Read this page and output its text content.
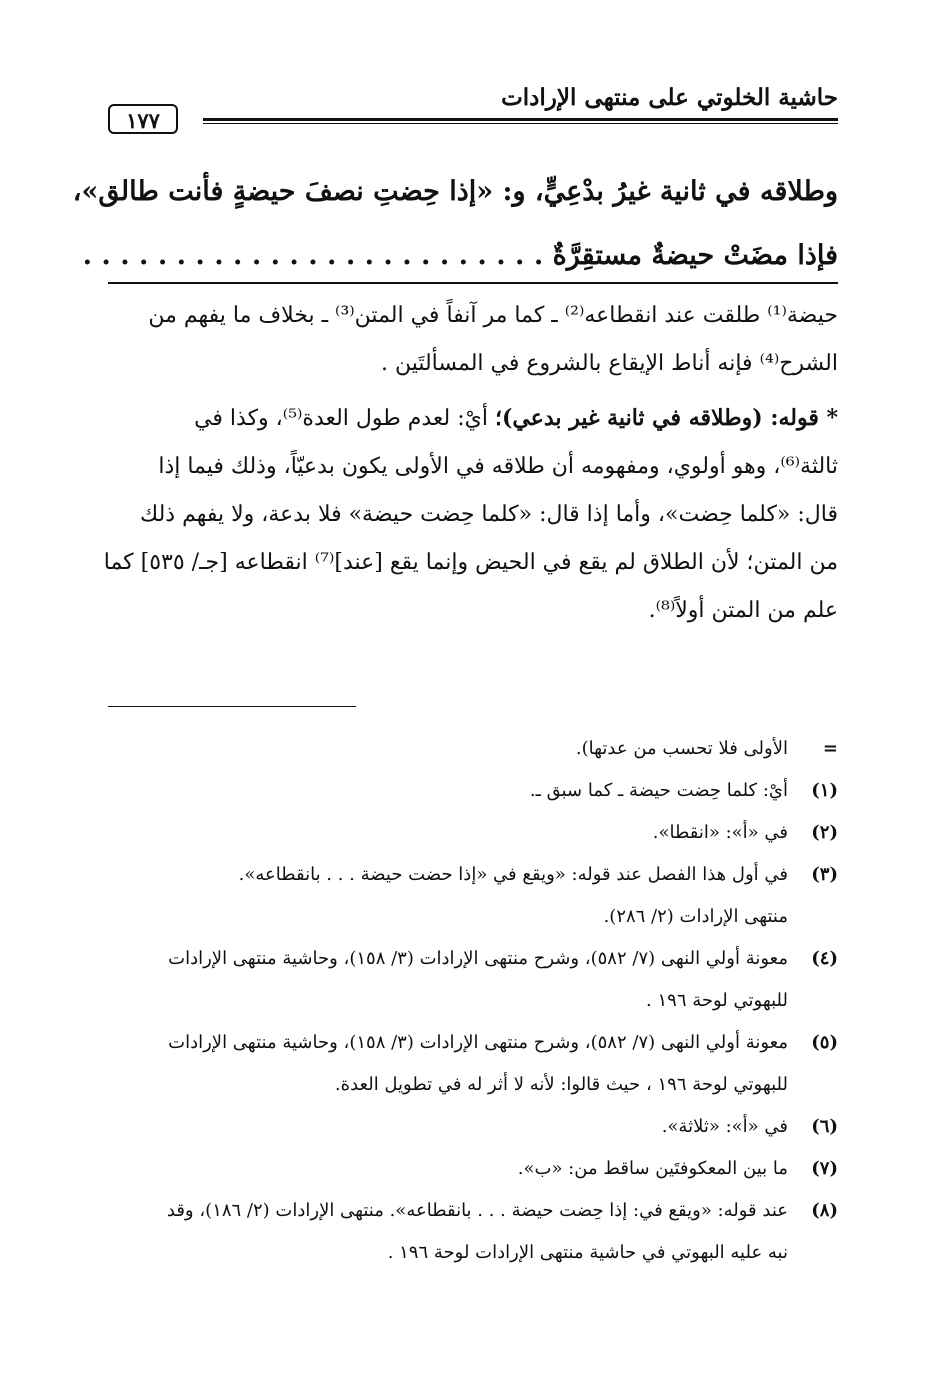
حاشية الخلوتي على منتهى الإرادات
١٧٧

وطلاقه في ثانية غيرُ بدْعِيٍّ، و: «إذا حِضتِ نصفَ حيضةٍ فأنت طالق»،

فإذا مضَتْ حيضةٌ مستقِرَّةٌ . . . . . . . . . . . . . . . . . . . . . . . . .

حيضة⁽¹⁾ طلقت عند انقطاعه⁽²⁾ ـ كما مر آنفاً في المتن⁽³⁾ ـ بخلاف ما يفهم من

الشرح⁽⁴⁾ فإنه أناط الإيقاع بالشروع في المسألتَين .

* قوله: (وطلاقه في ثانية غير بدعي)؛ أيْ: لعدم طول العدة⁽⁵⁾، وكذا في

ثالثة⁽⁶⁾، وهو أولوي، ومفهومه أن طلاقه في الأولى يكون بدعيّاً، وذلك فيما إذا

قال: «كلما حِضت»، وأما إذا قال: «كلما حِضت حيضة» فلا بدعة، ولا يفهم ذلك

من المتن؛ لأن الطلاق لم يقع في الحيض وإنما يقع [عند]⁽⁷⁾ انقطاعه [جـ/ ٥٣٥] كما

علم من المتن أولاً⁽⁸⁾.

=
الأولى فلا تحسب من عدتها).
(١)
أيْ: كلما حِضت حيضة ـ كما سبق ـ.
(٢)
في «أ»: «انقطا».
(٣)
في أول هذا الفصل عند قوله: «ويقع في «إذا حضت حيضة . . . بانقطاعه».
منتهى الإرادات (٢/ ٢٨٦).
(٤)
معونة أولي النهى (٧/ ٥٨٢)، وشرح منتهى الإرادات (٣/ ١٥٨)، وحاشية منتهى الإرادات
للبهوتي لوحة ١٩٦ .
(٥)
معونة أولي النهى (٧/ ٥٨٢)، وشرح منتهى الإرادات (٣/ ١٥٨)، وحاشية منتهى الإرادات
للبهوتي لوحة ١٩٦ ، حيث قالوا: لأنه لا أثر له في تطويل العدة.
(٦)
في «أ»: «ثلاثة».
(٧)
ما بين المعكوفتَين ساقط من: «ب».
(٨)
عند قوله: «ويقع في: إذا حِضت حيضة . . . بانقطاعه». منتهى الإرادات (٢/ ١٨٦)، وقد
نبه عليه البهوتي في حاشية منتهى الإرادات لوحة ١٩٦ .
